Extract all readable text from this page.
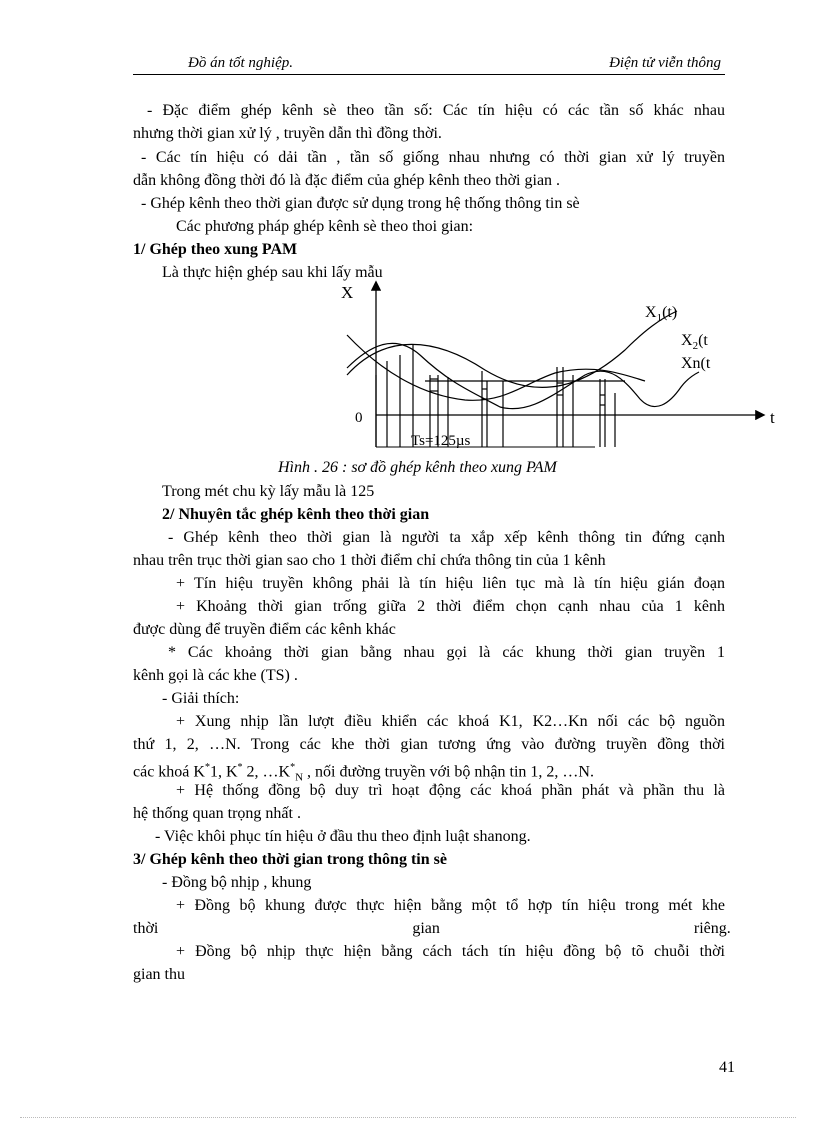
Đồ án tốt nghiệp.	Điện tử viễn thông
- Đặc điểm ghép kênh sè theo tần số: Các tín hiệu có các tần số khác nhau
nhưng thời gian xử lý , truyền dẫn thì đồng thời.
- Các tín hiệu có dải tần , tần số giống nhau nhưng có thời gian xử lý truyền
dẫn không đồng thời đó là đặc điểm của ghép kênh theo thời gian .
- Ghép kênh theo thời gian được sử dụng trong hệ thống thông tin sè
Các phương pháp ghép kênh sè theo thoi gian:
1/ Ghép theo xung PAM
Là thực hiện ghép sau khi lấy mẫu
X
t
0
$X_1(t)$
$X_2(t$
Xn(t
Ts=125µs
Hình . 26 : sơ đồ ghép kênh theo xung PAM
Trong mét chu kỳ lấy mẫu là 125
2/ Nhuyên tắc ghép kênh theo thời gian
- Ghép kênh theo thời gian là người ta xắp xếp kênh thông tin đứng cạnh
nhau trên trục thời gian sao cho 1 thời điểm chỉ chứa thông tin của 1 kênh
+ Tín hiệu truyền không phải là tín hiệu liên tục mà là tín hiệu gián đoạn
+ Khoảng thời gian trống giữa 2 thời điểm chọn cạnh nhau của 1 kênh
được dùng để truyền điểm các kênh khác
* Các khoảng thời gian bằng nhau gọi là các khung thời gian truyền 1
kênh gọi là các khe (TS) .
- Giải thích:
+ Xung nhịp lần lượt điều khiển các khoá K1, K2…Kn nối các bộ nguồn
thứ 1, 2, …N. Trong các khe thời gian tương ứng vào đường truyền đồng thời
các khoá K*1, K* 2, $\dots K^*_N$ , nối đường truyền với bộ nhận tin 1, 2, …N.
+ Hệ thống đồng bộ duy trì hoạt động các khoá phần phát và phần thu là
hệ thống quan trọng nhất .
- Việc khôi phục tín hiệu ở đầu thu theo định luật shanong.
3/ Ghép kênh theo thời gian trong thông tin sè
- Đồng bộ nhịp , khung
+ Đồng bộ khung được thực hiện bằng một tổ hợp tín hiệu trong mét khe
thời gian riêng.
+ Đồng bộ nhịp thực hiện bằng cách tách tín hiệu đồng bộ tõ chuỗi thời
gian thu
41
